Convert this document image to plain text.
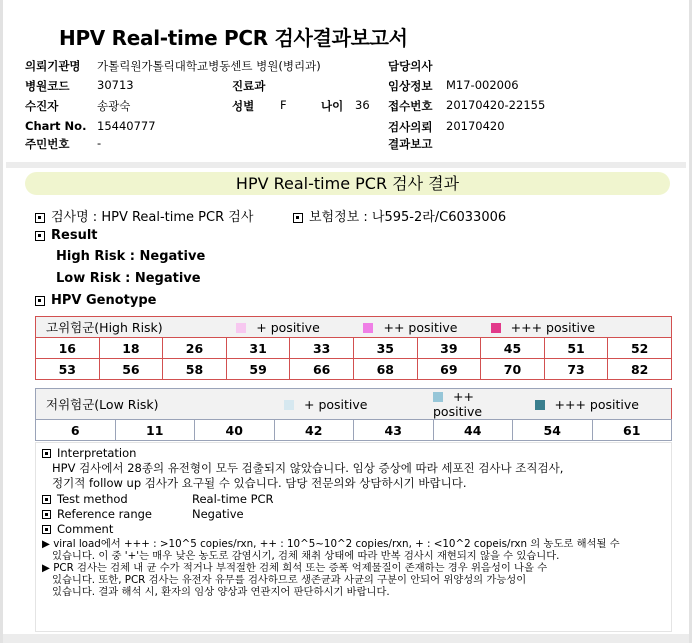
HPV Real-time PCR 검사결과보고서
의뢰기관명 가톨릭원가톨릭대학교병동센트 병원(병리과)
병원코드 30713	진료과
수진자	송광숙	성별 F	나이 36
Chart No. 15440777
주민번호 -
담당의사
임상정보 M17-002006
접수번호 20170420-22155
검사의뢰 20170420
결과보고
HPV Real-time PCR 검사 결과
검사명 : HPV Real-time PCR 검사	보험정보 : 나595-2라/C6033006
Result
High Risk : Negative
Low Risk : Negative
HPV Genotype
고위험군(High Risk)			+ positive		++ positive		+++ positive		
16	18	26	31	33	35	39	45	51	52
53	56	58	59	66	68	69	70	73	82
저위험군(Low Risk)			+ positive		++ positive	+++ positive	
6	11	40	42	43	44	54	61
Interpretation
HPV 검사에서 28종의 유전형이 모두 검출되지 않았습니다. 임상 증상에 따라 세포진 검사나 조직검사,
정기적 follow up 검사가 요구될 수 있습니다. 담당 전문의와 상담하시기 바랍니다.
Test method	Real-time PCR
Reference range	Negative
Comment
▶ viral load에서 +++ : >10^5 copies/rxn, ++ : 10^5~10^2 copies/rxn, + : <10^2 copeis/rxn 의 농도로 해석될 수
있습니다. 이 중 '+'는 매우 낮은 농도로 감염시기, 검체 채취 상태에 따라 반복 검사시 재현되지 않을 수 있습니다.
▶ PCR 검사는 검체 내 균 수가 적거나 부적절한 검체 희석 또는 증폭 억제물질이 존재하는 경우 위음성이 나올 수
있습니다. 또한, PCR 검사는 유전자 유무를 검사하므로 생존균과 사균의 구분이 안되어 위양성의 가능성이
있습니다. 결과 해석 시, 환자의 임상 양상과 연관지어 판단하시기 바랍니다.
